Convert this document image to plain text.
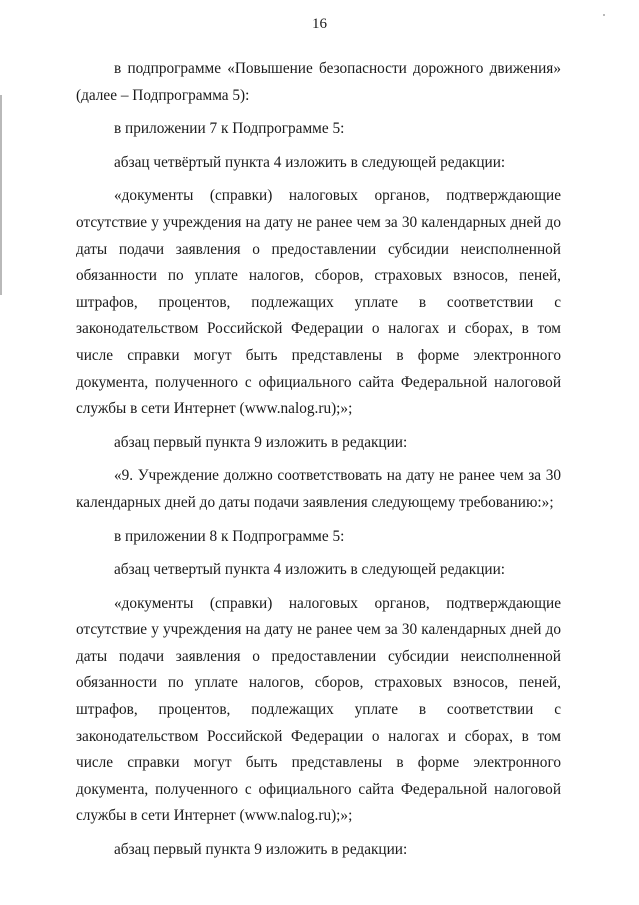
16

в подпрограмме «Повышение безопасности дорожного движения» (далее – Подпрограмма 5):

в приложении 7 к Подпрограмме 5:

абзац четвёртый пункта 4 изложить в следующей редакции:

«документы (справки) налоговых органов, подтверждающие отсутствие у учреждения на дату не ранее чем за 30 календарных дней до даты подачи заявления о предоставлении субсидии неисполненной обязанности по уплате налогов, сборов, страховых взносов, пеней, штрафов, процентов, подлежащих уплате в соответствии с законодательством Российской Федерации о налогах и сборах, в том числе справки могут быть представлены в форме электронного документа, полученного с официального сайта Федеральной налоговой службы в сети Интернет (www.nalog.ru);»;

абзац первый пункта 9 изложить в редакции:

«9. Учреждение должно соответствовать на дату не ранее чем за 30 календарных дней до даты подачи заявления следующему требованию:»;

в приложении 8 к Подпрограмме 5:

абзац четвертый пункта 4 изложить в следующей редакции:

«документы (справки) налоговых органов, подтверждающие отсутствие у учреждения на дату не ранее чем за 30 календарных дней до даты подачи заявления о предоставлении субсидии неисполненной обязанности по уплате налогов, сборов, страховых взносов, пеней, штрафов, процентов, подлежащих уплате в соответствии с законодательством Российской Федерации о налогах и сборах, в том числе справки могут быть представлены в форме электронного документа, полученного с официального сайта Федеральной налоговой службы в сети Интернет (www.nalog.ru);»;

абзац первый пункта 9 изложить в редакции:
